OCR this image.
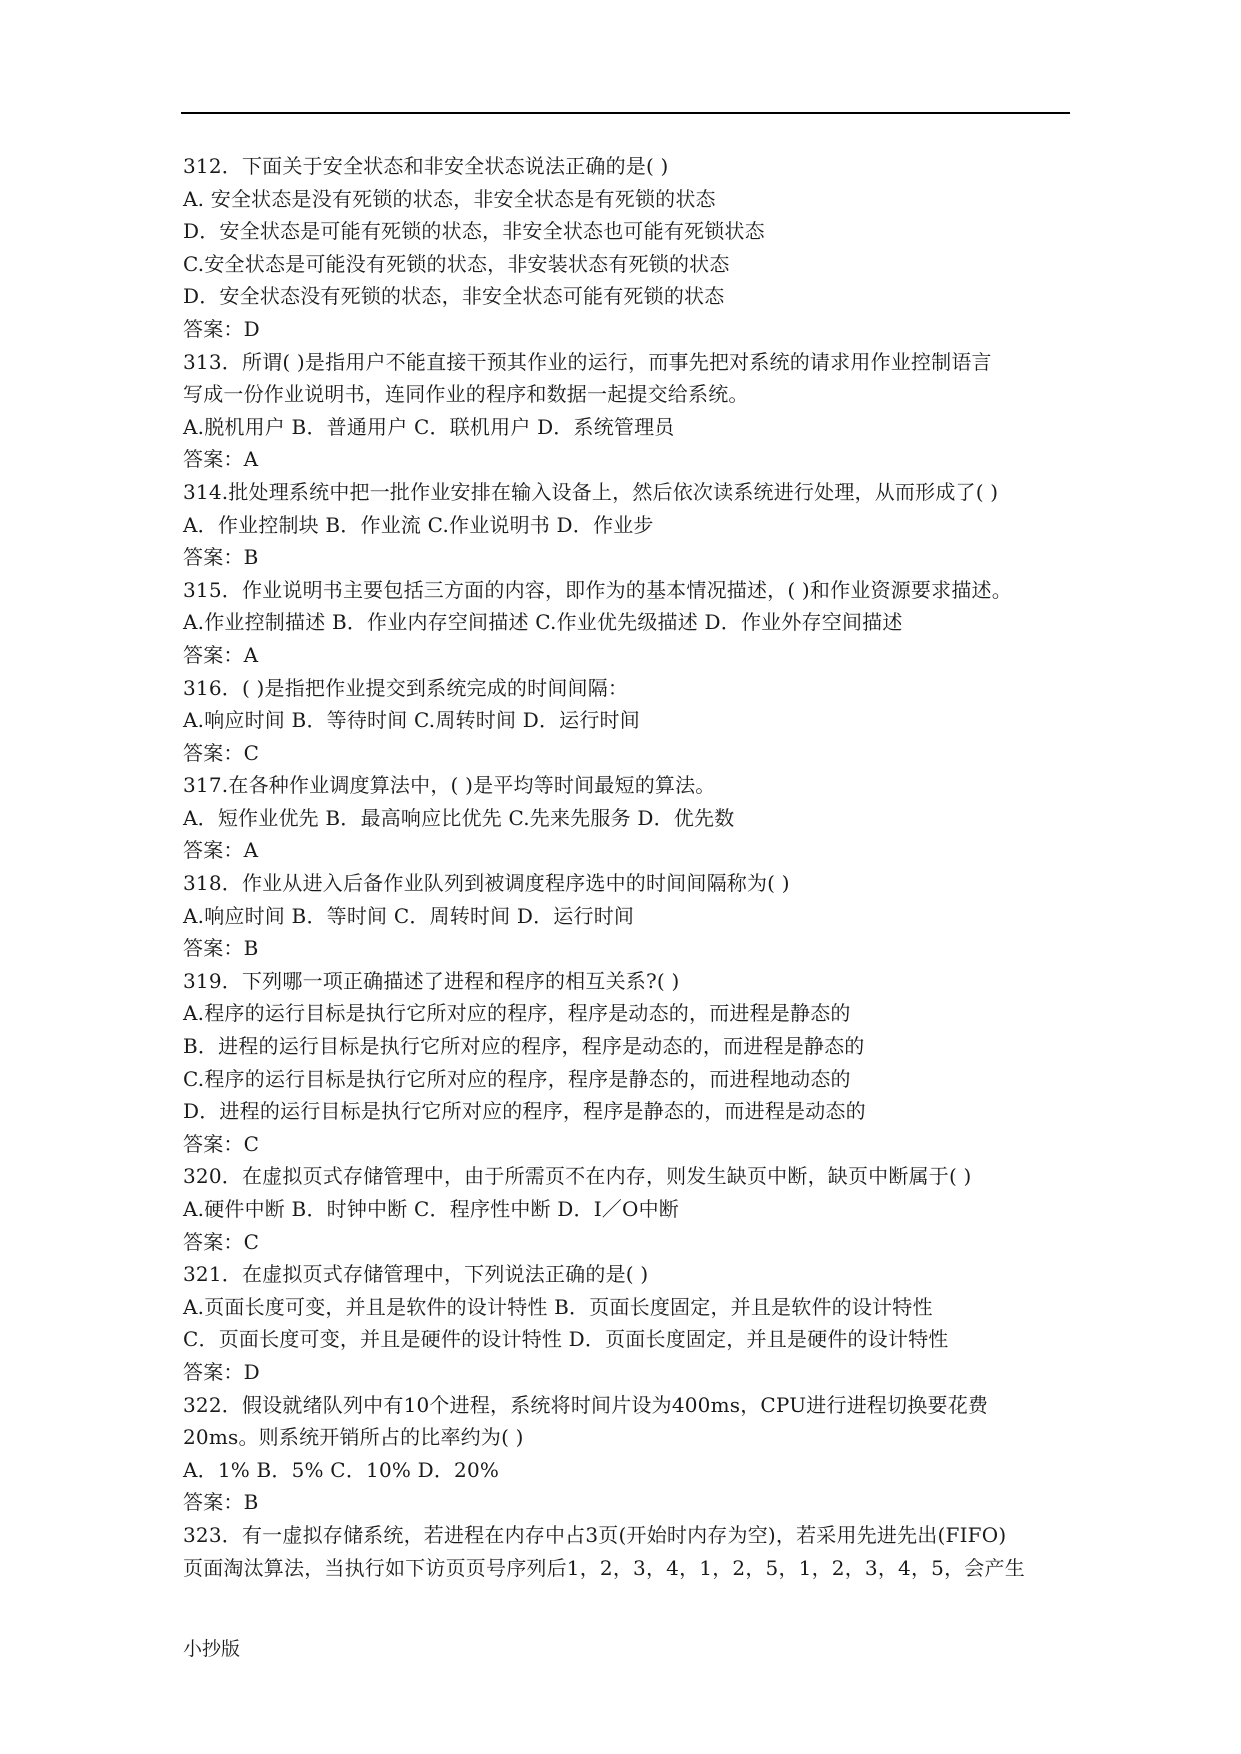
312．下面关于安全状态和非安全状态说法正确的是( )
A. 安全状态是没有死锁的状态，非安全状态是有死锁的状态
D．安全状态是可能有死锁的状态，非安全状态也可能有死锁状态
C.安全状态是可能没有死锁的状态，非安装状态有死锁的状态
D．安全状态没有死锁的状态，非安全状态可能有死锁的状态
答案：D
313．所谓( )是指用户不能直接干预其作业的运行，而事先把对系统的请求用作业控制语言
写成一份作业说明书，连同作业的程序和数据一起提交给系统。
A.脱机用户 B．普通用户 C．联机用户 D．系统管理员
答案：A
314.批处理系统中把一批作业安排在输入设备上，然后依次读系统进行处理，从而形成了( )
A．作业控制块 B．作业流 C.作业说明书 D．作业步
答案：B
315．作业说明书主要包括三方面的内容，即作为的基本情况描述，( )和作业资源要求描述。
A.作业控制描述 B．作业内存空间描述 C.作业优先级描述 D．作业外存空间描述
答案：A
316．( )是指把作业提交到系统完成的时间间隔：
A.响应时间 B．等待时间 C.周转时间 D．运行时间
答案：C
317.在各种作业调度算法中，( )是平均等时间最短的算法。
A．短作业优先 B．最高响应比优先 C.先来先服务 D．优先数
答案：A
318．作业从进入后备作业队列到被调度程序选中的时间间隔称为( )
A.响应时间 B．等时间 C．周转时间 D．运行时间
答案：B
319．下列哪一项正确描述了进程和程序的相互关系?( )
A.程序的运行目标是执行它所对应的程序，程序是动态的，而进程是静态的
B．进程的运行目标是执行它所对应的程序，程序是动态的，而进程是静态的
C.程序的运行目标是执行它所对应的程序，程序是静态的，而进程地动态的
D．进程的运行目标是执行它所对应的程序，程序是静态的，而进程是动态的
答案：C
320．在虚拟页式存储管理中，由于所需页不在内存，则发生缺页中断，缺页中断属于( )
A.硬件中断 B．时钟中断 C．程序性中断 D．I／O中断
答案：C
321．在虚拟页式存储管理中，下列说法正确的是( )
A.页面长度可变，并且是软件的设计特性 B．页面长度固定，并且是软件的设计特性
C．页面长度可变，并且是硬件的设计特性 D．页面长度固定，并且是硬件的设计特性
答案：D
322．假设就绪队列中有10个进程，系统将时间片设为400ms，CPU进行进程切换要花费
20ms。则系统开销所占的比率约为( )
A．1% B．5% C．10% D．20%
答案：B
323．有一虚拟存储系统，若进程在内存中占3页(开始时内存为空)，若采用先进先出(FIFO)
页面淘汰算法，当执行如下访页页号序列后1，2，3，4，1，2，5，1，2，3，4，5，会产生
小抄版
